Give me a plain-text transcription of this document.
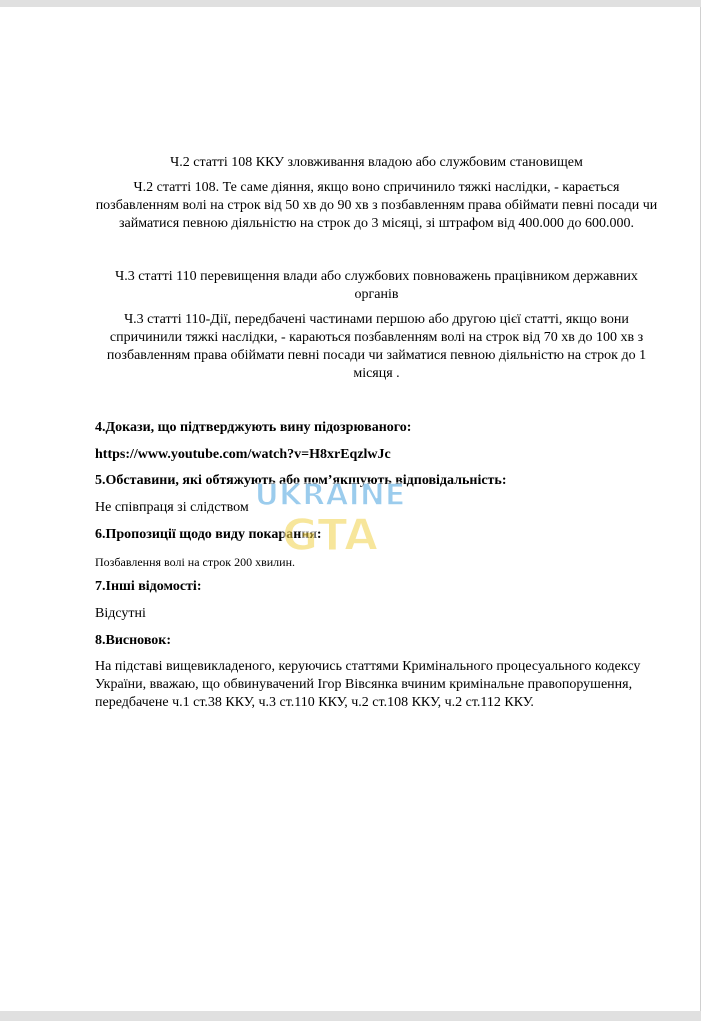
Ч.2 статті 108 ККУ зловживання владою або службовим становищем
Ч.2 статті 108. Те саме діяння, якщо воно спричинило тяжкі наслідки, - карається позбавленням волі на строк від 50 хв до 90 хв з позбавленням права обіймати певні посади чи займатися певною діяльністю на строк до 3 місяці, зі штрафом від 400.000 до 600.000.
Ч.3 статті 110 перевищення влади або службових повноважень працівником державних органів
Ч.3 статті 110-Дії, передбачені частинами першою або другою цієї статті, якщо вони спричинили тяжкі наслідки, - караються позбавленням волі на строк від 70 хв до 100 хв з позбавленням права обіймати певні посади чи займатися певною діяльністю на строк до 1 місяця .
4.Докази, що підтверджують вину підозрюваного:
https://www.youtube.com/watch?v=H8xrEqzlwJc
5.Обставини, які обтяжують або пом’якшують відповідальність:
Не співпраця зі слідством
6.Пропозиції щодо виду покарання:
Позбавлення волі на строк 200 хвилин.
7.Інші відомості:
Відсутні
8.Висновок:
На підставі вищевикладеного, керуючись статтями Кримінального процесуального кодексу України, вважаю, що обвинувачений Ігор Вівсянка вчиним кримінальне правопорушення, передбачене ч.1 ст.38 ККУ, ч.3 ст.110 ККУ, ч.2 ст.108 ККУ, ч.2 ст.112 ККУ.
UKRAINE
GTA
